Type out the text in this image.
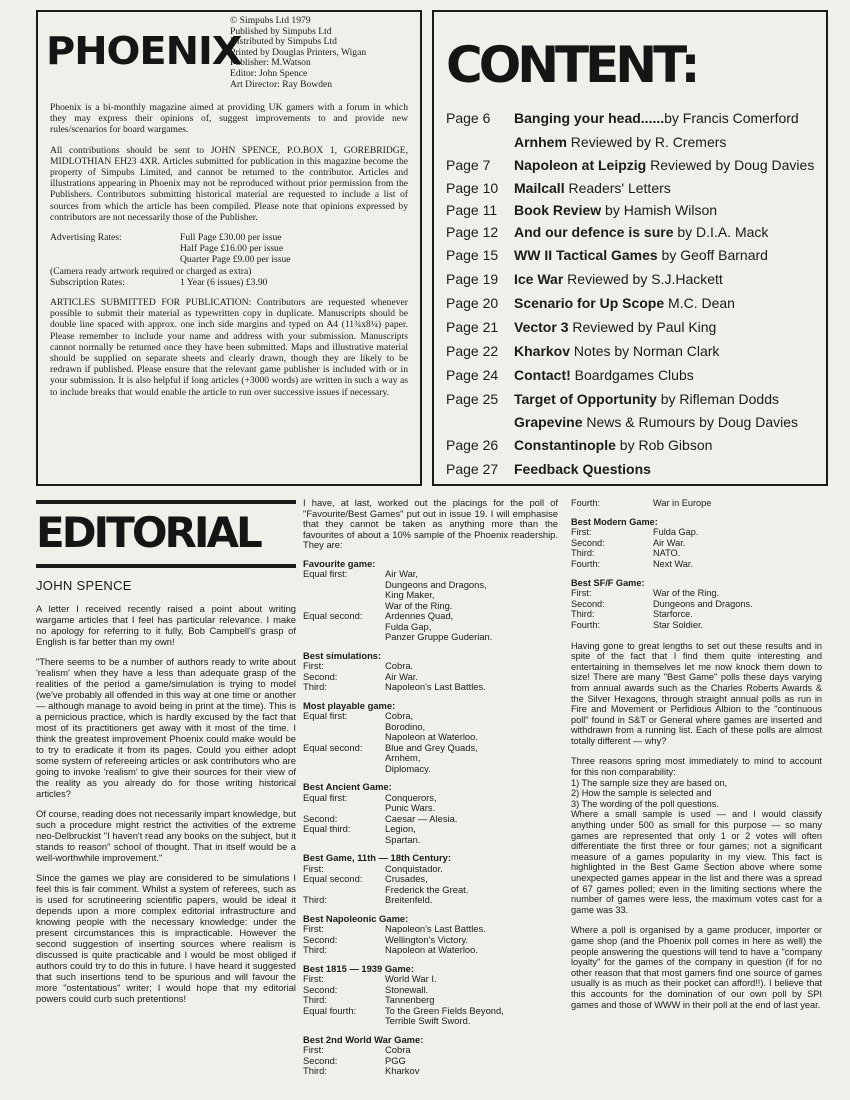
PHOENIX
© Simpubs Ltd 1979
Published by Simpubs Ltd
Distributed by Simpubs Ltd
Printed by Douglas Printers, Wigan
Publisher: M.Watson
Editor: John Spence
Art Director: Ray Bowden

Phoenix is a bi-monthly magazine aimed at providing UK gamers with a forum in which they may express their opinions of, suggest improvements to and provide new rules/scenarios for board wargames.

All contributions should be sent to JOHN SPENCE, P.O.BOX 1, GOREBRIDGE, MIDLOTHIAN EH23 4XR. Articles submitted for publication in this magazine become the property of Simpubs Limited, and cannot be returned to the contributor. Articles and illustrations appearing in Phoenix may not be reproduced without prior permission from the Publishers. Contributors submitting historical material are requested to include a list of sources from which the article has been compiled. Please note that opinions expressed by contributors are not necessarily those of the Publisher.

Advertising Rates:	Full Page £30.00 per issue
Half Page £16.00 per issue
Quarter Page £9.00 per issue
(Camera ready artwork required or charged as extra)
Subscription Rates:	1 Year (6 issues) £3.90

ARTICLES SUBMITTED FOR PUBLICATION: Contributors are requested whenever possible to submit their material as typewritten copy in duplicate. Manuscripts should be double line spaced with approx. one inch side margins and typed on A4 (11¾x8¼) paper. Please remember to include your name and address with your submission. Manuscripts cannot normally be returned once they have been submitted. Maps and illustrative material should be supplied on separate sheets and clearly drawn, though they are likely to be redrawn if published. Please ensure that the relevant game publisher is included with or in your submission. It is also helpful if long articles (+3000 words) are written in such a way as to include breaks that would enable the article to run over successive issues if necessary.

CONTENT:
Page 6 Banging your head......by Francis Comerford
Arnhem Reviewed by R. Cremers
Page 7 Napoleon at Leipzig Reviewed by Doug Davies
Page 10 Mailcall Readers' Letters
Page 11 Book Review by Hamish Wilson
Page 12 And our defence is sure by D.I.A. Mack
Page 15 WW II Tactical Games by Geoff Barnard
Page 19 Ice War Reviewed by S.J.Hackett
Page 20 Scenario for Up Scope M.C. Dean
Page 21 Vector 3 Reviewed by Paul King
Page 22 Kharkov Notes by Norman Clark
Page 24 Contact! Boardgames Clubs
Page 25 Target of Opportunity by Rifleman Dodds
Grapevine News & Rumours by Doug Davies
Page 26 Constantinople by Rob Gibson
Page 27 Feedback Questions
EDITORIAL
JOHN SPENCE

A letter I received recently raised a point about writing wargame articles that I feel has particular relevance. I make no apology for referring to it fully, Bob Campbell's grasp of English is far better than my own!

"There seems to be a number of authors ready to write about 'realism' when they have a less than adequate grasp of the realities of the period a game/simulation is trying to model (we've probably all offended in this way at one time or another — although manage to avoid being in print at the time). This is a pernicious practice, which is hardly excused by the fact that most of its practitioners get away with it most of the time. I think the greatest improvement Phoenix could make would be to try to eradicate it from its pages. Could you either adopt some system of refereeing articles or ask contributors who are going to invoke 'realism' to give their sources for their view of the reality as you already do for those writing historical articles?

Of course, reading does not necessarily impart knowledge, but such a procedure might restrict the activities of the extreme neo-Delbruckist "I haven't read any books on the subject, but it stands to reason" school of thought. That in itself would be a well-worthwhile improvement."

Since the games we play are considered to be simulations I feel this is fair comment. Whilst a system of referees, such as is used for scrutineering scientific papers, would be ideal it depends upon a more complex editorial infrastructure and knowing people with the necessary knowledge: under the present circumstances this is impracticable. However the second suggestion of inserting sources where realism is discussed is quite practicable and I would be most obliged if authors could try to do this in future. I have heard it suggested that such insertions tend to be spurious and will favour the more "ostentatious" writer; I would hope that my editorial powers could curb such pretentions!

I have, at last, worked out the placings for the poll of "Favourite/Best Games" put out in issue 19. I will emphasise that they cannot be taken as anything more than the favourites of about a 10% sample of the Phoenix readership. They are:

Favourite game:
Equal first:	Air War,
Dungeons and Dragons,
King Maker,
War of the Ring.
Equal second:	Ardennes Quad,
Fulda Gap,
Panzer Gruppe Guderian.
Best simulations:
First:	Cobra.
Second:	Air War.
Third:	Napoleon's Last Battles.
Most playable game:
Equal first:	Cobra,
Borodino,
Napoleon at Waterloo.
Equal second:	Blue and Grey Quads,
Arnhem,
Diplomacy.
Best Ancient Game:
Equal first:	Conquerors,
Punic Wars.
Second:	Caesar — Alesia.
Equal third:	Legion,
Spartan.
Best Game, 11th — 18th Century:
First:	Conquistador.
Equal second:	Crusades,
Frederick the Great.
Third:	Breitenfeld.
Best Napoleonic Game:
First:	Napoleon's Last Battles.
Second:	Wellington's Victory.
Third:	Napoleon at Waterloo.
Best 1815 — 1939 Game:
First:	World War I.
Second:	Stonewall.
Third:	Tannenberg
Equal fourth:	To the Green Fields Beyond,
Terrible Swift Sword.
Best 2nd World War Game:
First:	Cobra
Second:	PGG
Third:	Kharkov
Fourth:	War in Europe
Best Modern Game:
First:	Fulda Gap.
Second:	Air War.
Third:	NATO.
Fourth:	Next War.
Best SF/F Game:
First:	War of the Ring.
Second:	Dungeons and Dragons.
Third:	Starforce.
Fourth:	Star Soldier.

Having gone to great lengths to set out these results and in spite of the fact that I find them quite interesting and entertaining in themselves let me now knock them down to size! There are many "Best Game" polls these days varying from annual awards such as the Charles Roberts Awards & the Silver Hexagons, through straight annual polls as run in Fire and Movement or Perfidious Albion to the "continuous poll" found in S&T or General where games are inserted and withdrawn from a running list. Each of these polls are almost totally different — why?

Three reasons spring most immediately to mind to account for this non comparability:

1) The sample size they are based on,
2) How the sample is selected and
3) The wording of the poll questions.

Where a small sample is used — and I would classify anything under 500 as small for this purpose — so many games are represented that only 1 or 2 votes will often differentiate the first three or four games; not a significant measure of a games popularity in my view. This fact is highlighted in the Best Game Section above where some unexpected games appear in the list and there was a spread of 67 games polled; even in the limiting sections where the number of games were less, the maximum votes cast for a game was 33.

Where a poll is organised by a game producer, importer or game shop (and the Phoenix poll comes in here as well) the people answering the questions will tend to have a "company loyalty" for the games of the company in question (if for no other reason that that most gamers find one source of games usually is as much as their pocket can afford!!). I believe that this accounts for the domination of our own poll by SPI games and those of WWW in their poll at the end of last year.
